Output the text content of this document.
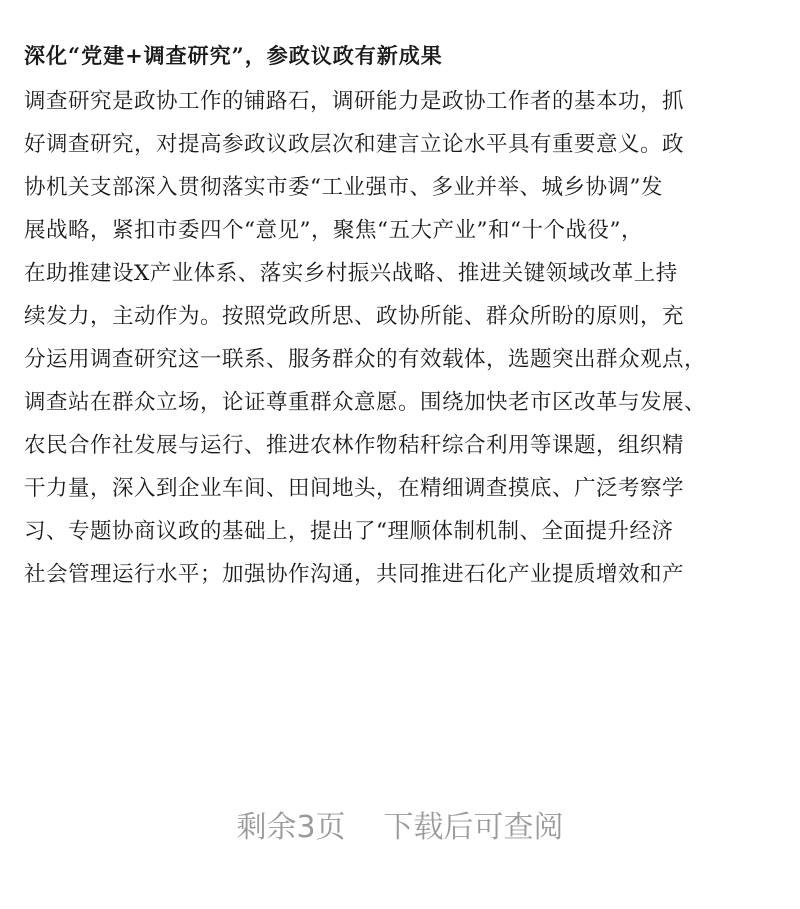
深化“党建+调查研究”，参政议政有新成果
调查研究是政协工作的铺路石，调研能力是政协工作者的基本功，抓
好调查研究，对提高参政议政层次和建言立论水平具有重要意义。政
协机关支部深入贯彻落实市委“工业强市、多业并举、城乡协调”发
展战略，紧扣市委四个“意见”，聚焦“五大产业”和“十个战役”，
在助推建设X产业体系、落实乡村振兴战略、推进关键领域改革上持
续发力，主动作为。按照党政所思、政协所能、群众所盼的原则，充
分运用调查研究这一联系、服务群众的有效载体，选题突出群众观点，
调查站在群众立场，论证尊重群众意愿。围绕加快老市区改革与发展、
农民合作社发展与运行、推进农林作物秸秆综合利用等课题，组织精
干力量，深入到企业车间、田间地头，在精细调查摸底、广泛考察学
习、专题协商议政的基础上，提出了“理顺体制机制、全面提升经济
社会管理运行水平；加强协作沟通，共同推进石化产业提质增效和产
剩余3页 下载后可查阅
